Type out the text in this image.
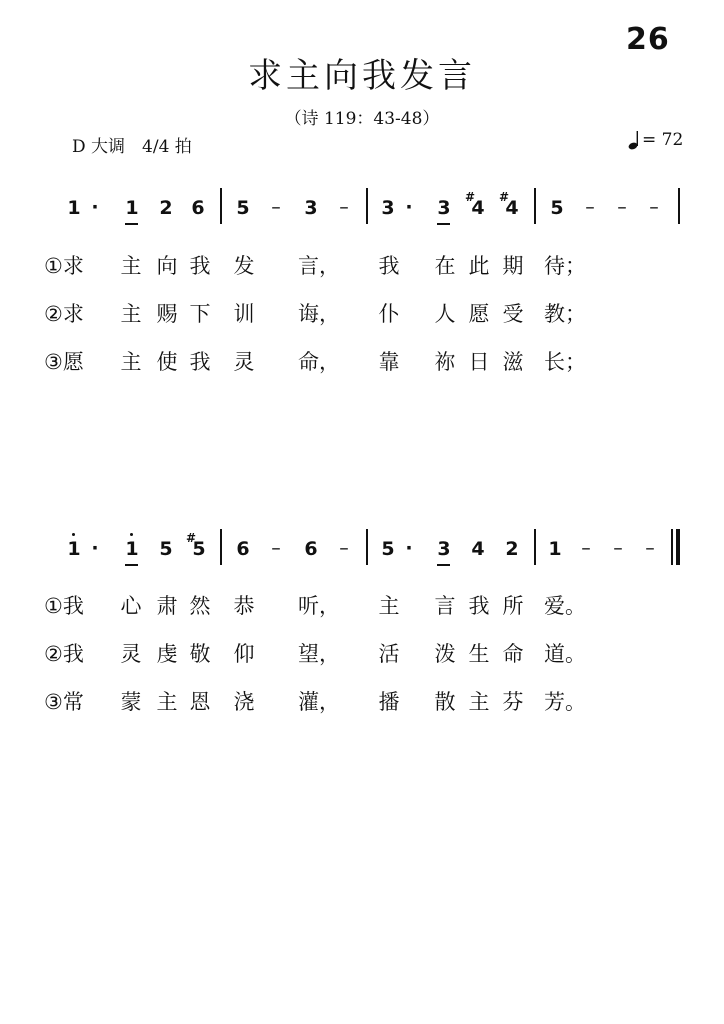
26
求主向我发言
（诗 119：43-48）
D 大调　4/4 拍	= 72
1 · 1 2 6 5 – 3 – 3 · 3 #
4 #
4 5 – – –
①求 主 向 我 发 言，	我 在 此 期 待；
②求 主 赐 下 训 诲，	仆 人 愿 受 教；
③愿 主 使 我 灵 命，	靠 祢 日 滋 长；
1 · 1 5 #
5 6 – 6 – 5 · 3 4 2 1 – – –
①我 心 肃 然 恭 听，	主 言 我 所 爱。
②我 灵 虔 敬 仰 望，	活 泼 生 命 道。
③常 蒙 主 恩 浇 灌，	播 散 主 芬 芳。
